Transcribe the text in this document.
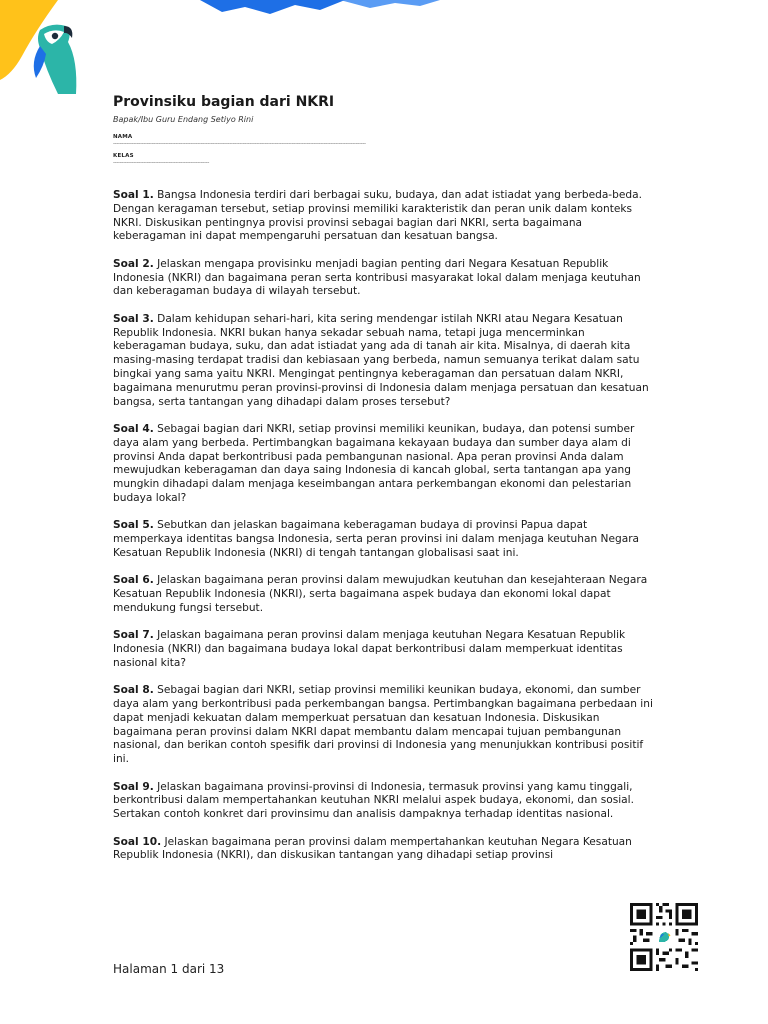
Provinsiku bagian dari NKRI
Bapak/Ibu Guru Endang Setiyo Rini
NAMA
------------------------------------------------------------------------------------------------------------------------------------------------------
KELAS
---------------------------------------------------------

Soal 1. Bangsa Indonesia terdiri dari berbagai suku, budaya, dan adat istiadat yang berbeda-beda. Dengan keragaman tersebut, setiap provinsi memiliki karakteristik dan peran unik dalam konteks NKRI. Diskusikan pentingnya provisi provinsi sebagai bagian dari NKRI, serta bagaimana keberagaman ini dapat mempengaruhi persatuan dan kesatuan bangsa.

Soal 2. Jelaskan mengapa provisinku menjadi bagian penting dari Negara Kesatuan Republik Indonesia (NKRI) dan bagaimana peran serta kontribusi masyarakat lokal dalam menjaga keutuhan dan keberagaman budaya di wilayah tersebut.

Soal 3. Dalam kehidupan sehari-hari, kita sering mendengar istilah NKRI atau Negara Kesatuan Republik Indonesia. NKRI bukan hanya sekadar sebuah nama, tetapi juga mencerminkan keberagaman budaya, suku, dan adat istiadat yang ada di tanah air kita. Misalnya, di daerah kita masing-masing terdapat tradisi dan kebiasaan yang berbeda, namun semuanya terikat dalam satu bingkai yang sama yaitu NKRI. Mengingat pentingnya keberagaman dan persatuan dalam NKRI, bagaimana menurutmu peran provinsi-provinsi di Indonesia dalam menjaga persatuan dan kesatuan bangsa, serta tantangan yang dihadapi dalam proses tersebut?

Soal 4. Sebagai bagian dari NKRI, setiap provinsi memiliki keunikan, budaya, dan potensi sumber daya alam yang berbeda. Pertimbangkan bagaimana kekayaan budaya dan sumber daya alam di provinsi Anda dapat berkontribusi pada pembangunan nasional. Apa peran provinsi Anda dalam mewujudkan keberagaman dan daya saing Indonesia di kancah global, serta tantangan apa yang mungkin dihadapi dalam menjaga keseimbangan antara perkembangan ekonomi dan pelestarian budaya lokal?

Soal 5. Sebutkan dan jelaskan bagaimana keberagaman budaya di provinsi Papua dapat memperkaya identitas bangsa Indonesia, serta peran provinsi ini dalam menjaga keutuhan Negara Kesatuan Republik Indonesia (NKRI) di tengah tantangan globalisasi saat ini.

Soal 6. Jelaskan bagaimana peran provinsi dalam mewujudkan keutuhan dan kesejahteraan Negara Kesatuan Republik Indonesia (NKRI), serta bagaimana aspek budaya dan ekonomi lokal dapat mendukung fungsi tersebut.

Soal 7. Jelaskan bagaimana peran provinsi dalam menjaga keutuhan Negara Kesatuan Republik Indonesia (NKRI) dan bagaimana budaya lokal dapat berkontribusi dalam memperkuat identitas nasional kita?

Soal 8. Sebagai bagian dari NKRI, setiap provinsi memiliki keunikan budaya, ekonomi, dan sumber daya alam yang berkontribusi pada perkembangan bangsa. Pertimbangkan bagaimana perbedaan ini dapat menjadi kekuatan dalam memperkuat persatuan dan kesatuan Indonesia. Diskusikan bagaimana peran provinsi dalam NKRI dapat membantu dalam mencapai tujuan pembangunan nasional, dan berikan contoh spesifik dari provinsi di Indonesia yang menunjukkan kontribusi positif ini.

Soal 9. Jelaskan bagaimana provinsi-provinsi di Indonesia, termasuk provinsi yang kamu tinggali, berkontribusi dalam mempertahankan keutuhan NKRI melalui aspek budaya, ekonomi, dan sosial. Sertakan contoh konkret dari provinsimu dan analisis dampaknya terhadap identitas nasional.

Soal 10. Jelaskan bagaimana peran provinsi dalam mempertahankan keutuhan Negara Kesatuan Republik Indonesia (NKRI), dan diskusikan tantangan yang dihadapi setiap provinsi

Halaman 1 dari 13
